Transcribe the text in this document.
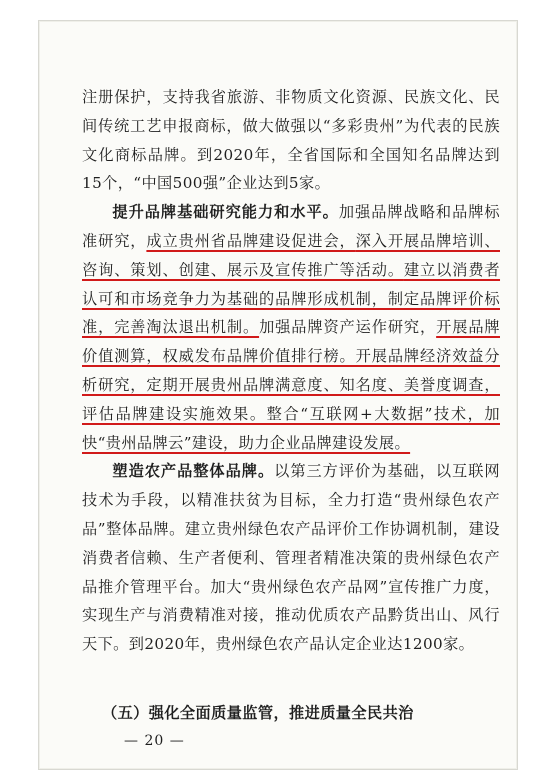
注册保护，支持我省旅游、非物质文化资源、民族文化、民间传统工艺申报商标，做大做强以“多彩贵州”为代表的民族文化商标品牌。到2020年，全省国际和全国知名品牌达到15个，“中国500强”企业达到5家。

提升品牌基础研究能力和水平。加强品牌战略和品牌标准研究，成立贵州省品牌建设促进会，深入开展品牌培训、咨询、策划、创建、展示及宣传推广等活动。建立以消费者认可和市场竞争力为基础的品牌形成机制，制定品牌评价标准，完善淘汰退出机制。加强品牌资产运作研究，开展品牌价值测算，权威发布品牌价值排行榜。开展品牌经济效益分析研究，定期开展贵州品牌满意度、知名度、美誉度调查，评估品牌建设实施效果。整合“互联网+大数据”技术，加快“贵州品牌云”建设，助力企业品牌建设发展。

塑造农产品整体品牌。以第三方评价为基础，以互联网技术为手段，以精准扶贫为目标，全力打造“贵州绿色农产品”整体品牌。建立贵州绿色农产品评价工作协调机制，建设消费者信赖、生产者便利、管理者精准决策的贵州绿色农产品推介管理平台。加大“贵州绿色农产品网”宣传推广力度，实现生产与消费精准对接，推动优质农产品黔货出山、风行天下。到2020年，贵州绿色农产品认定企业达1200家。

（五）强化全面质量监管，推进质量全民共治
— 20 —
